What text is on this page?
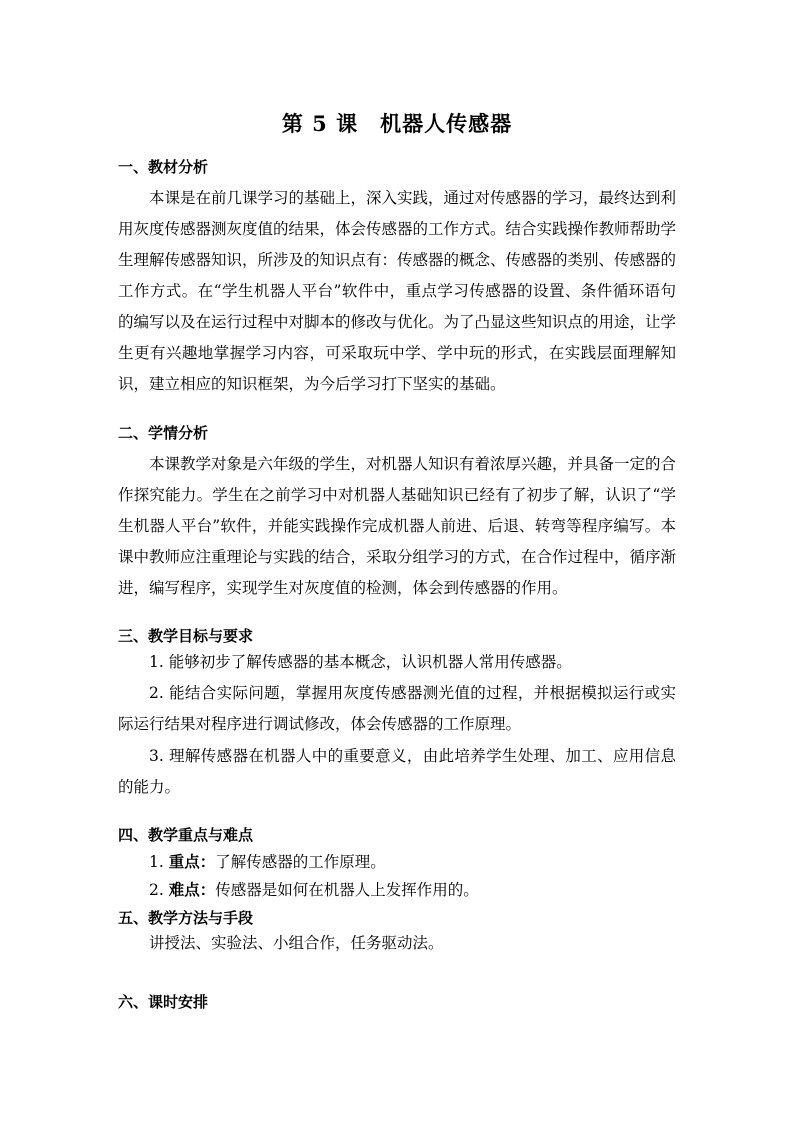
第 5 课　机器人传感器
一、教材分析
本课是在前几课学习的基础上，深入实践，通过对传感器的学习，最终达到利用灰度传感器测灰度值的结果，体会传感器的工作方式。结合实践操作教师帮助学生理解传感器知识，所涉及的知识点有：传感器的概念、传感器的类别、传感器的工作方式。在“学生机器人平台”软件中，重点学习传感器的设置、条件循环语句的编写以及在运行过程中对脚本的修改与优化。为了凸显这些知识点的用途，让学生更有兴趣地掌握学习内容，可采取玩中学、学中玩的形式，在实践层面理解知识，建立相应的知识框架，为今后学习打下坚实的基础。
二、学情分析
本课教学对象是六年级的学生，对机器人知识有着浓厚兴趣，并具备一定的合作探究能力。学生在之前学习中对机器人基础知识已经有了初步了解，认识了“学生机器人平台”软件，并能实践操作完成机器人前进、后退、转弯等程序编写。本课中教师应注重理论与实践的结合，采取分组学习的方式，在合作过程中，循序渐进，编写程序，实现学生对灰度值的检测，体会到传感器的作用。
三、教学目标与要求
1. 能够初步了解传感器的基本概念，认识机器人常用传感器。
2. 能结合实际问题，掌握用灰度传感器测光值的过程，并根据模拟运行或实际运行结果对程序进行调试修改，体会传感器的工作原理。
3. 理解传感器在机器人中的重要意义，由此培养学生处理、加工、应用信息的能力。
四、教学重点与难点
1. 重点：了解传感器的工作原理。
2. 难点：传感器是如何在机器人上发挥作用的。
五、教学方法与手段
讲授法、实验法、小组合作，任务驱动法。
六、课时安排
